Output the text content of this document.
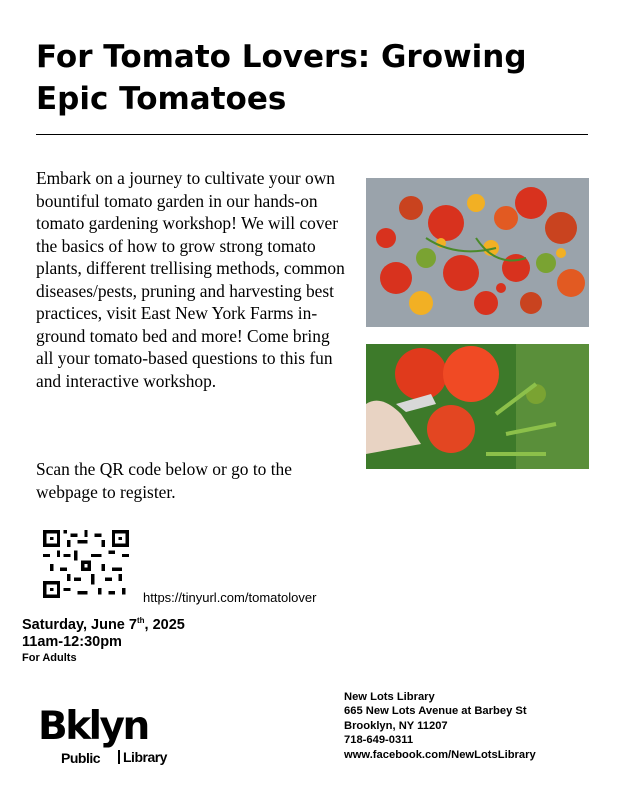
For Tomato Lovers: Growing Epic Tomatoes

Embark on a journey to cultivate your own bountiful tomato garden in our hands-on tomato gardening workshop! We will cover the basics of how to grow strong tomato plants, different trellising methods, common diseases/pests, pruning and harvesting best practices, visit East New York Farms in-ground tomato bed and more! Come bring all your tomato-based questions to this fun and interactive workshop.

Scan the QR code below or go to the webpage to register.

https://tinyurl.com/tomatolover
Saturday, June 7th, 2025
11am-12:30pm
For Adults
Bklyn
Public	Library
New Lots Library
665 New Lots Avenue at Barbey St
Brooklyn, NY 11207
718-649-0311
www.facebook.com/NewLotsLibrary
